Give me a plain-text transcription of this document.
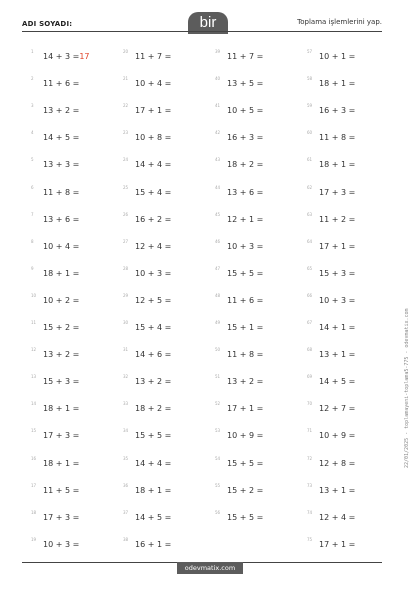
ADI SOYADI:	bir	Toplama işlemlerini yap.
1
14 + 3 =17
2
11 + 6 =
3
13 + 2 =
4
14 + 5 =
5
13 + 3 =
6
11 + 8 =
7
13 + 6 =
8
10 + 4 =
9
18 + 1 =
10
10 + 2 =
11
15 + 2 =
12
13 + 2 =
13
15 + 3 =
14
18 + 1 =
15
17 + 3 =
16
18 + 1 =
17
11 + 5 =
18
17 + 3 =
19
10 + 3 =
20
11 + 7 =
21
10 + 4 =
22
17 + 1 =
23
10 + 8 =
24
14 + 4 =
25
15 + 4 =
26
16 + 2 =
27
12 + 4 =
28
10 + 3 =
29
12 + 5 =
30
15 + 4 =
31
14 + 6 =
32
13 + 2 =
33
18 + 2 =
34
15 + 5 =
35
14 + 4 =
36
18 + 1 =
37
14 + 5 =
38
16 + 1 =
39
11 + 7 =
40
13 + 5 =
41
10 + 5 =
42
16 + 3 =
43
18 + 2 =
44
13 + 6 =
45
12 + 1 =
46
10 + 3 =
47
15 + 5 =
48
11 + 6 =
49
15 + 1 =
50
11 + 8 =
51
13 + 2 =
52
17 + 1 =
53
10 + 9 =
54
15 + 5 =
55
15 + 2 =
56
15 + 5 =
57
10 + 1 =
58
18 + 1 =
59
16 + 3 =
60
11 + 8 =
61
18 + 1 =
62
17 + 3 =
63
11 + 2 =
64
17 + 1 =
65
15 + 3 =
66
10 + 3 =
67
14 + 1 =
68
13 + 1 =
69
14 + 5 =
70
12 + 7 =
71
10 + 9 =
72
12 + 8 =
73
13 + 1 =
74
12 + 4 =
75
17 + 1 =
odevmatix.com
22/01/2025 - toplamayeni-toplama5-775 - odevmatix.com
